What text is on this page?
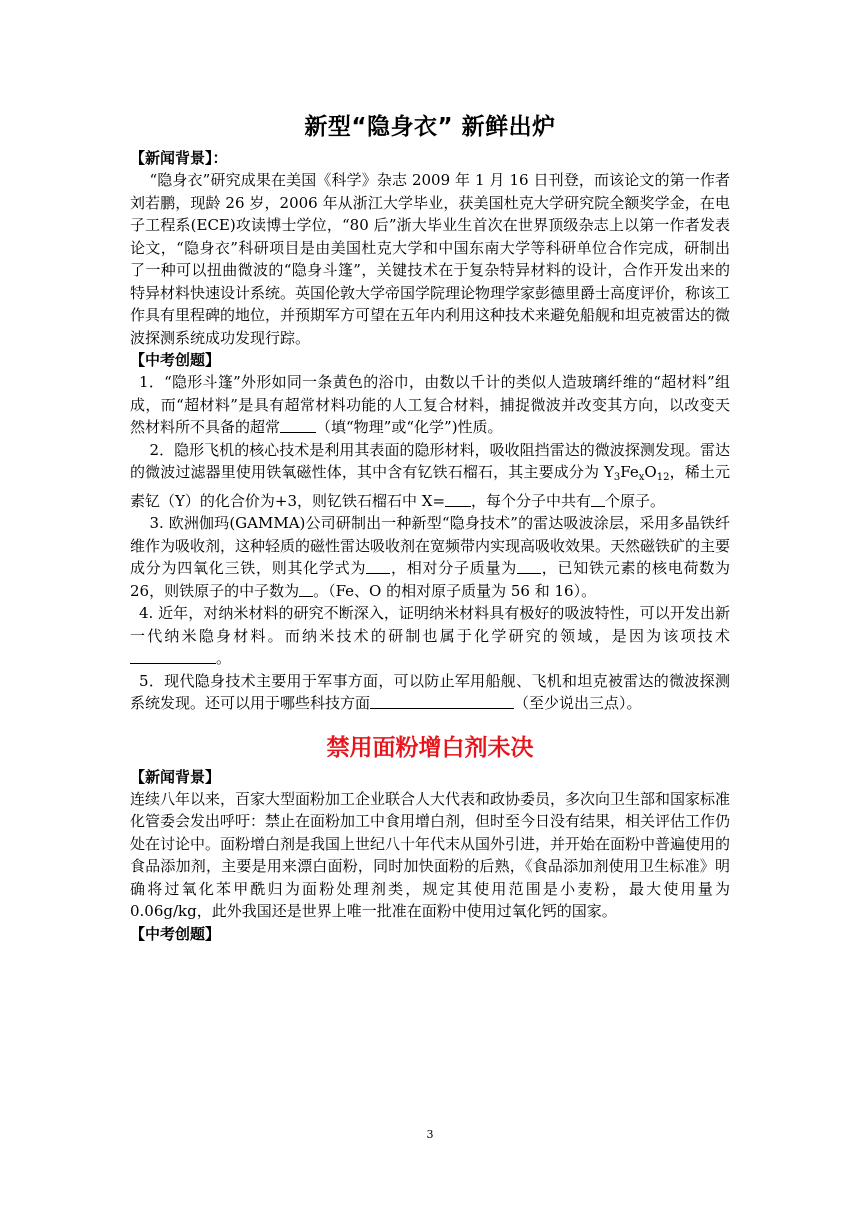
新型“隐身衣” 新鲜出炉
【新闻背景】：

“隐身衣”研究成果在美国《科学》杂志 2009 年 1 月 16 日刊登，而该论文的第一作者刘若鹏，现龄 26 岁，2006 年从浙江大学毕业，获美国杜克大学研究院全额奖学金，在电子工程系(ECE)攻读博士学位，“80 后”浙大毕业生首次在世界顶级杂志上以第一作者发表论文，“隐身衣”科研项目是由美国杜克大学和中国东南大学等科研单位合作完成，研制出了一种可以扭曲微波的“隐身斗篷”，关键技术在于复杂特异材料的设计，合作开发出来的特异材料快速设计系统。英国伦敦大学帝国学院理论物理学家彭德里爵士高度评价，称该工作具有里程碑的地位，并预期军方可望在五年内利用这种技术来避免船舰和坦克被雷达的微波探测系统成功发现行踪。

【中考创题】

1．“隐形斗篷”外形如同一条黄色的浴巾，由数以千计的类似人造玻璃纤维的“超材料”组成，而“超材料”是具有超常材料功能的人工复合材料，捕捉微波并改变其方向，以改变天然材料所不具备的超常 （填“物理”或“化学”)性质。

2．隐形飞机的核心技术是利用其表面的隐形材料，吸收阻挡雷达的微波探测发现。雷达的微波过滤器里使用铁氧磁性体，其中含有钇铁石榴石，其主要成分为 $Y_3Fe_xO_{12}$，稀土元素钇（Y）的化合价为+3，则钇铁石榴石中 X= ，每个分子中共有 个原子。

3. 欧洲伽玛(GAMMA)公司研制出一种新型“隐身技术”的雷达吸波涂层，采用多晶铁纤维作为吸收剂，这种轻质的磁性雷达吸收剂在宽频带内实现高吸收效果。天然磁铁矿的主要成分为四氧化三铁，则其化学式为 ，相对分子质量为 ，已知铁元素的核电荷数为 26，则铁原子的中子数为 。（Fe、O 的相对原子质量为 56 和 16）。

4. 近年，对纳米材料的研究不断深入，证明纳米材料具有极好的吸波特性，可以开发出新一代纳米隐身材料。而纳米技术的研制也属于化学研究的领域，是因为该项技术。

5．现代隐身技术主要用于军事方面，可以防止军用船舰、飞机和坦克被雷达的微波探测系统发现。还可以用于哪些科技方面	（至少说出三点）。

禁用面粉增白剂未决
【新闻背景】

连续八年以来，百家大型面粉加工企业联合人大代表和政协委员，多次向卫生部和国家标准化管委会发出呼吁：禁止在面粉加工中食用增白剂，但时至今日没有结果，相关评估工作仍处在讨论中。面粉增白剂是我国上世纪八十年代末从国外引进，并开始在面粉中普遍使用的食品添加剂，主要是用来漂白面粉，同时加快面粉的后熟，《食品添加剂使用卫生标准》明确将过氧化苯甲酰归为面粉处理剂类，规定其使用范围是小麦粉，最大使用量为 0.06g/kg，此外我国还是世界上唯一批准在面粉中使用过氧化钙的国家。

【中考创题】
3
